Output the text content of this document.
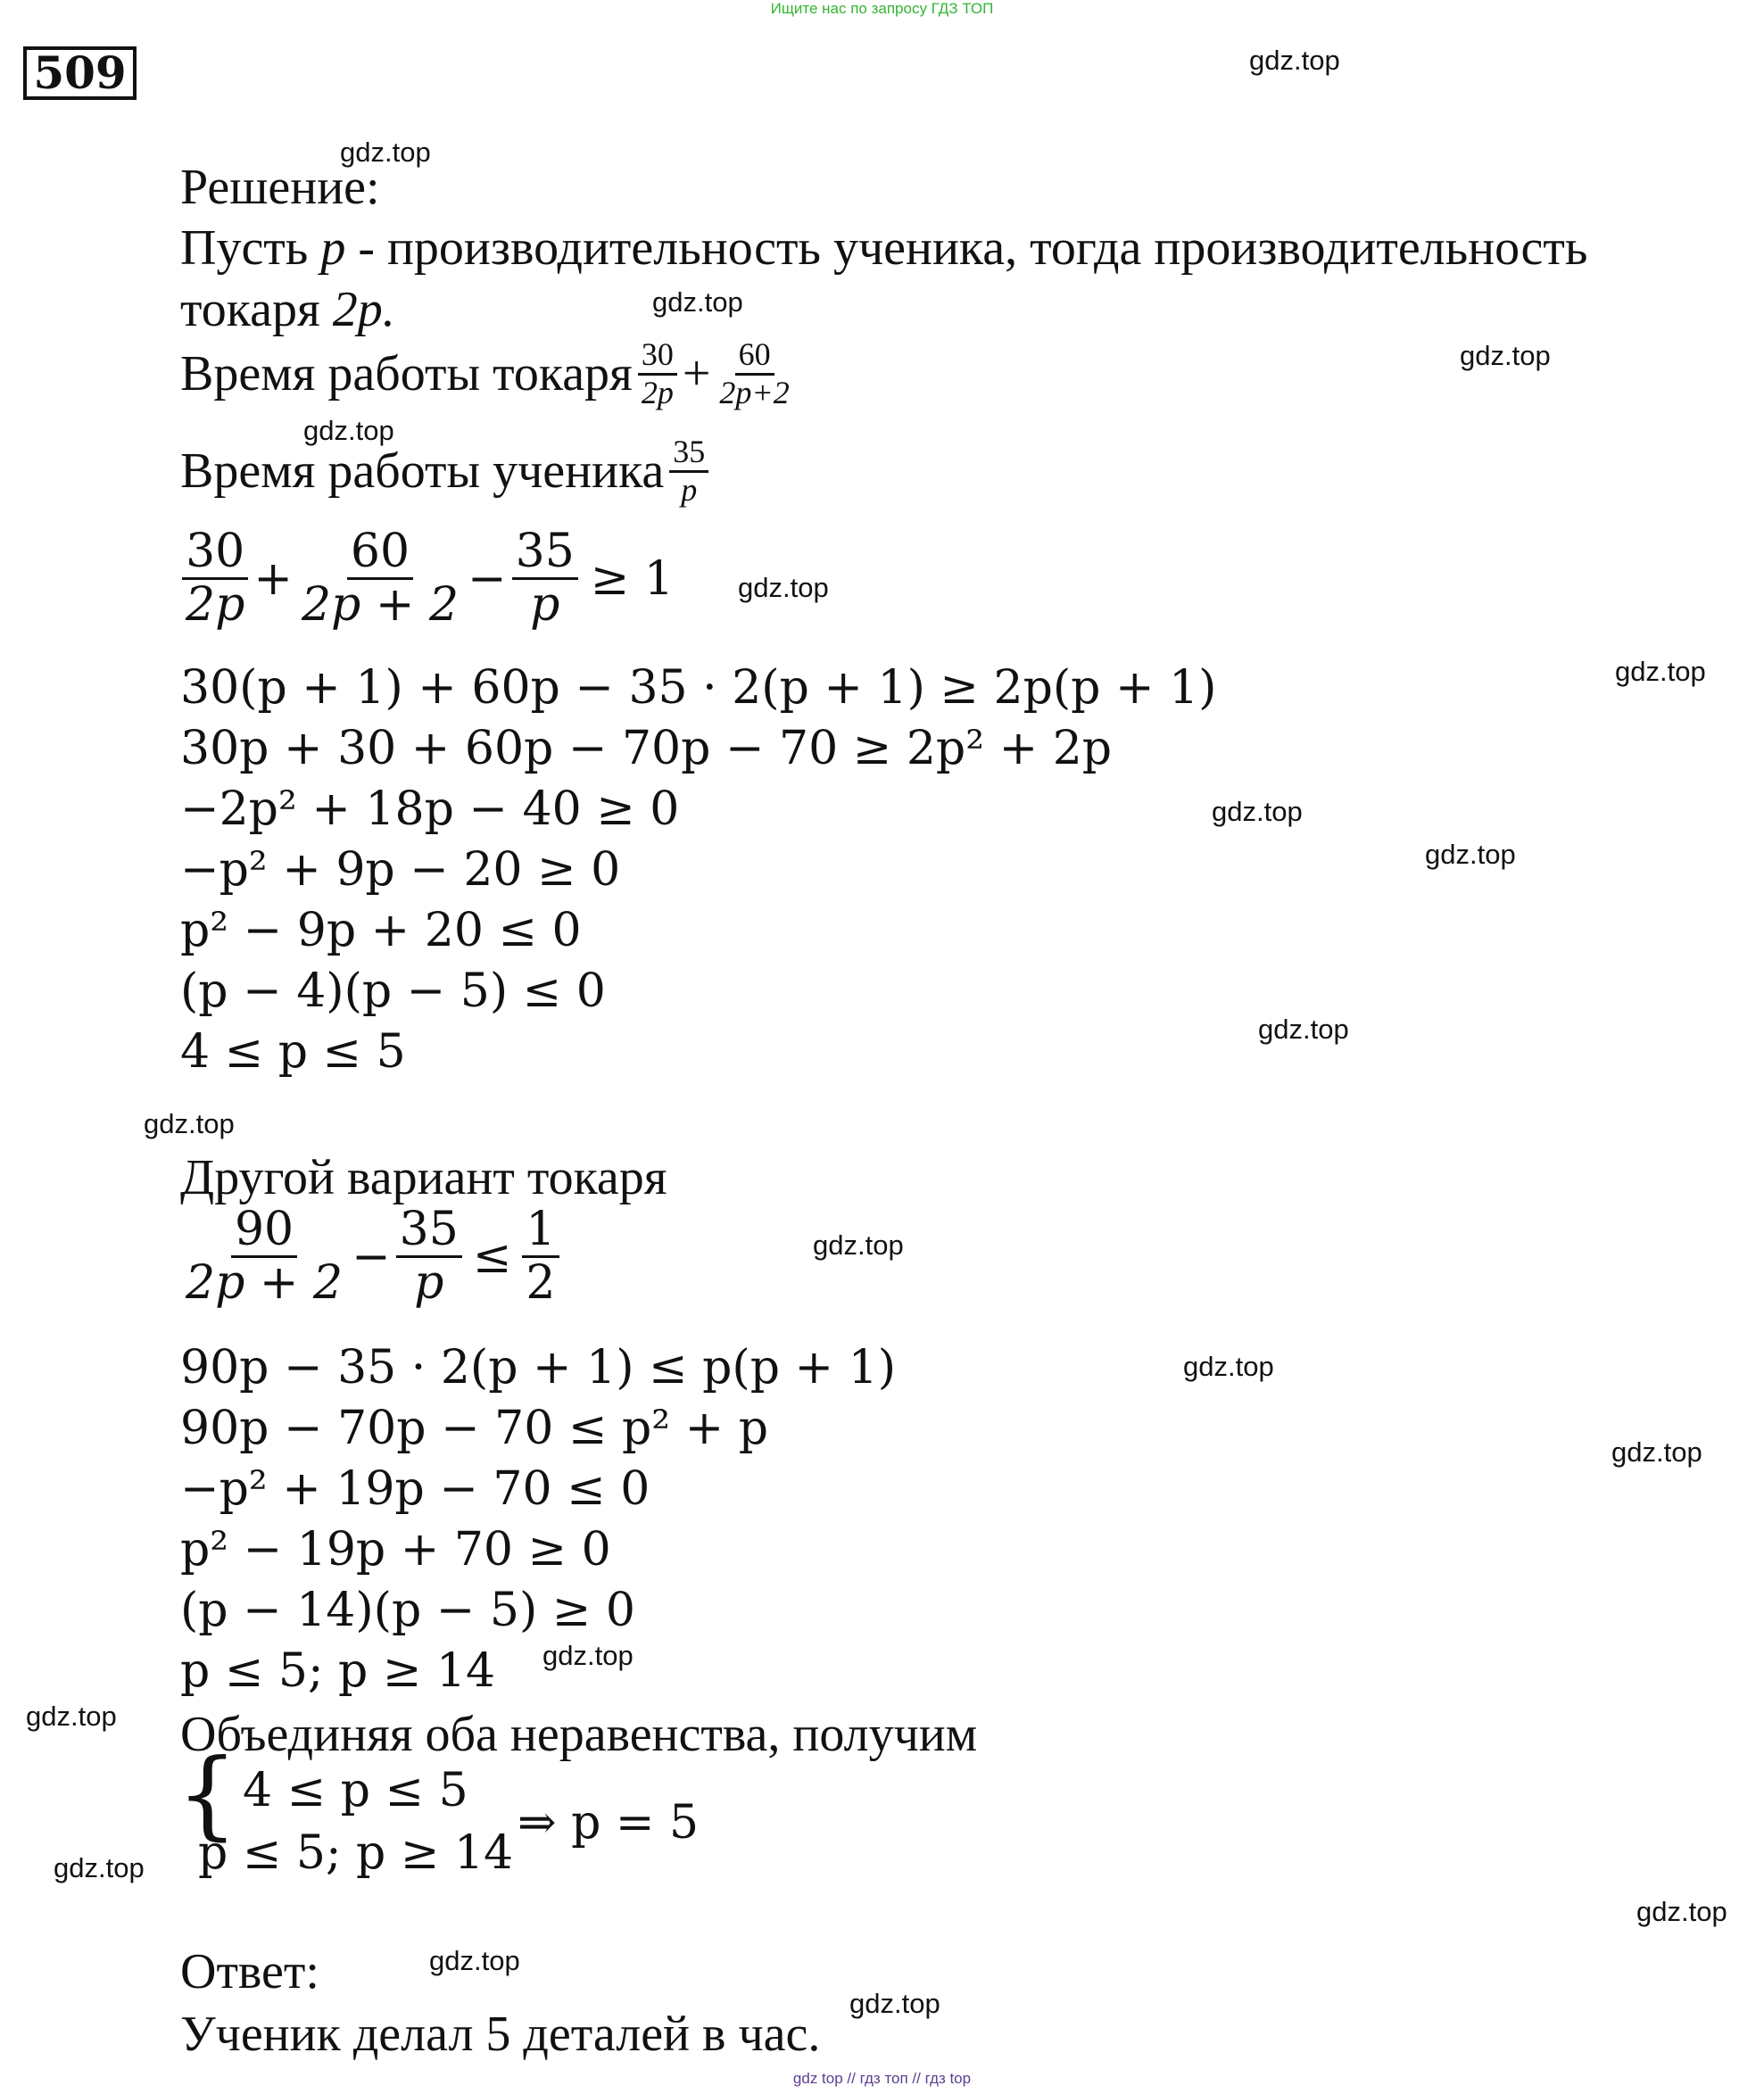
Ищите нас по запросу ГДЗ ТОП
509	gdz.top
gdz.top
gdz.top
gdz.top
gdz.top
gdz.top
gdz.top
gdz.top
gdz.top
gdz.top
gdz.top
gdz.top
gdz.top
gdz.top
gdz.top
gdz.top
gdz.top
gdz.top
gdz.top
gdz.top
Решение:
Пусть p - производительность ученика, тогда производительность
токаря 2p.
Время работы токаря $\frac{30}{2p} + \frac{60}{2p+2}$
Время работы ученика $\frac{35}{p}$
$\frac{30}{2p} + \frac{60}{2p + 2} - \frac{35}{p} \ge 1$
30(p + 1) + 60p − 35 · 2(p + 1) ≥ 2p(p + 1)
30p + 30 + 60p − 70p − 70 ≥ 2p² + 2p
−2p² + 18p − 40 ≥ 0
−p² + 9p − 20 ≥ 0
p² − 9p + 20 ≤ 0
(p − 4)(p − 5) ≤ 0
4 ≤ p ≤ 5
Другой вариант токаря
$\frac{90}{2p + 2} - \frac{35}{p} \le \frac{1}{2}$
90p − 35 · 2(p + 1) ≤ p(p + 1)
90p − 70p − 70 ≤ p² + p
−p² + 19p − 70 ≤ 0
p² − 19p + 70 ≥ 0
(p − 14)(p − 5) ≥ 0
p ≤ 5; p ≥ 14
Объединяя оба неравенства, получим
{ 4 ≤ p ≤ 5
p ≤ 5; p ≥ 14
⇒ p = 5
Ответ:
Ученик делал 5 деталей в час.
gdz top // гдз топ // гдз top
